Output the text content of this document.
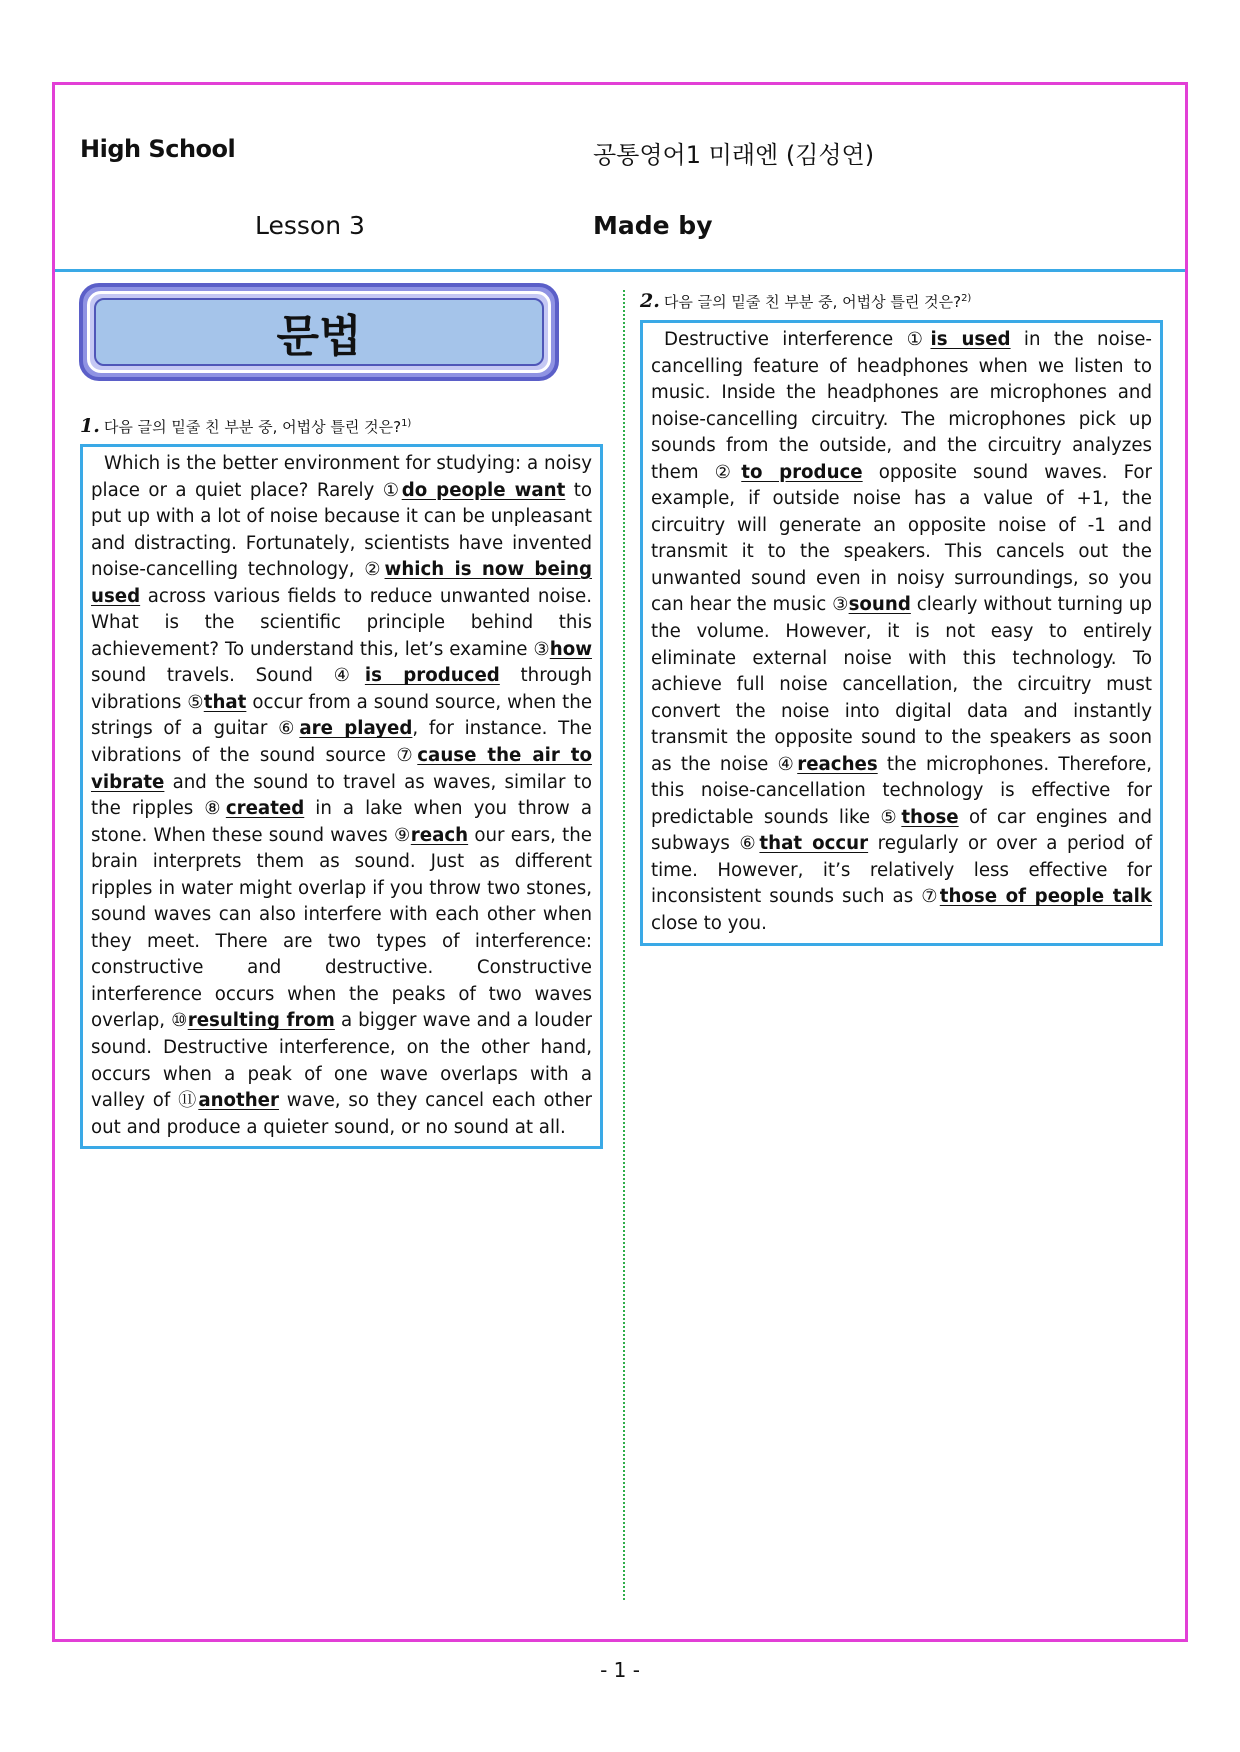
High School	공통영어1 미래엔 (김성연)
Lesson 3	Made by
문법
1. 다음 글의 밑줄 친 부분 중, 어법상 틀린 것은?$^{1)}$

Which is the better environment for studying: a noisy place or a quiet place? Rarely ①do people want to put up with a lot of noise because it can be unpleasant and distracting. Fortunately, scientists have invented noise-cancelling technology, ②which is now being used across various fields to reduce unwanted noise. What is the scientific principle behind this achievement? To understand this, let’s examine ③how sound travels. Sound ④is produced through vibrations ⑤that occur from a sound source, when the strings of a guitar ⑥are played, for instance. The vibrations of the sound source ⑦cause the air to vibrate and the sound to travel as waves, similar to the ripples ⑧created in a lake when you throw a stone. When these sound waves ⑨reach our ears, the brain interprets them as sound. Just as different ripples in water might overlap if you throw two stones, sound waves can also interfere with each other when they meet. There are two types of interference: constructive and destructive. Constructive interference occurs when the peaks of two waves overlap, ⑩resulting from a bigger wave and a louder sound. Destructive interference, on the other hand, occurs when a peak of one wave overlaps with a valley of ⑪another wave, so they cancel each other out and produce a quieter sound, or no sound at all.

2. 다음 글의 밑줄 친 부분 중, 어법상 틀린 것은?$^{2)}$

Destructive interference ①is used in the noise-cancelling feature of headphones when we listen to music. Inside the headphones are microphones and noise-cancelling circuitry. The microphones pick up sounds from the outside, and the circuitry analyzes them ②to produce opposite sound waves. For example, if outside noise has a value of +1, the circuitry will generate an opposite noise of -1 and transmit it to the speakers. This cancels out the unwanted sound even in noisy surroundings, so you can hear the music ③sound clearly without turning up the volume. However, it is not easy to entirely eliminate external noise with this technology. To achieve full noise cancellation, the circuitry must convert the noise into digital data and instantly transmit the opposite sound to the speakers as soon as the noise ④reaches the microphones. Therefore, this noise-cancellation technology is effective for predictable sounds like ⑤those of car engines and subways ⑥that occur regularly or over a period of time. However, it’s relatively less effective for inconsistent sounds such as ⑦those of people talk close to you.

- 1 -
